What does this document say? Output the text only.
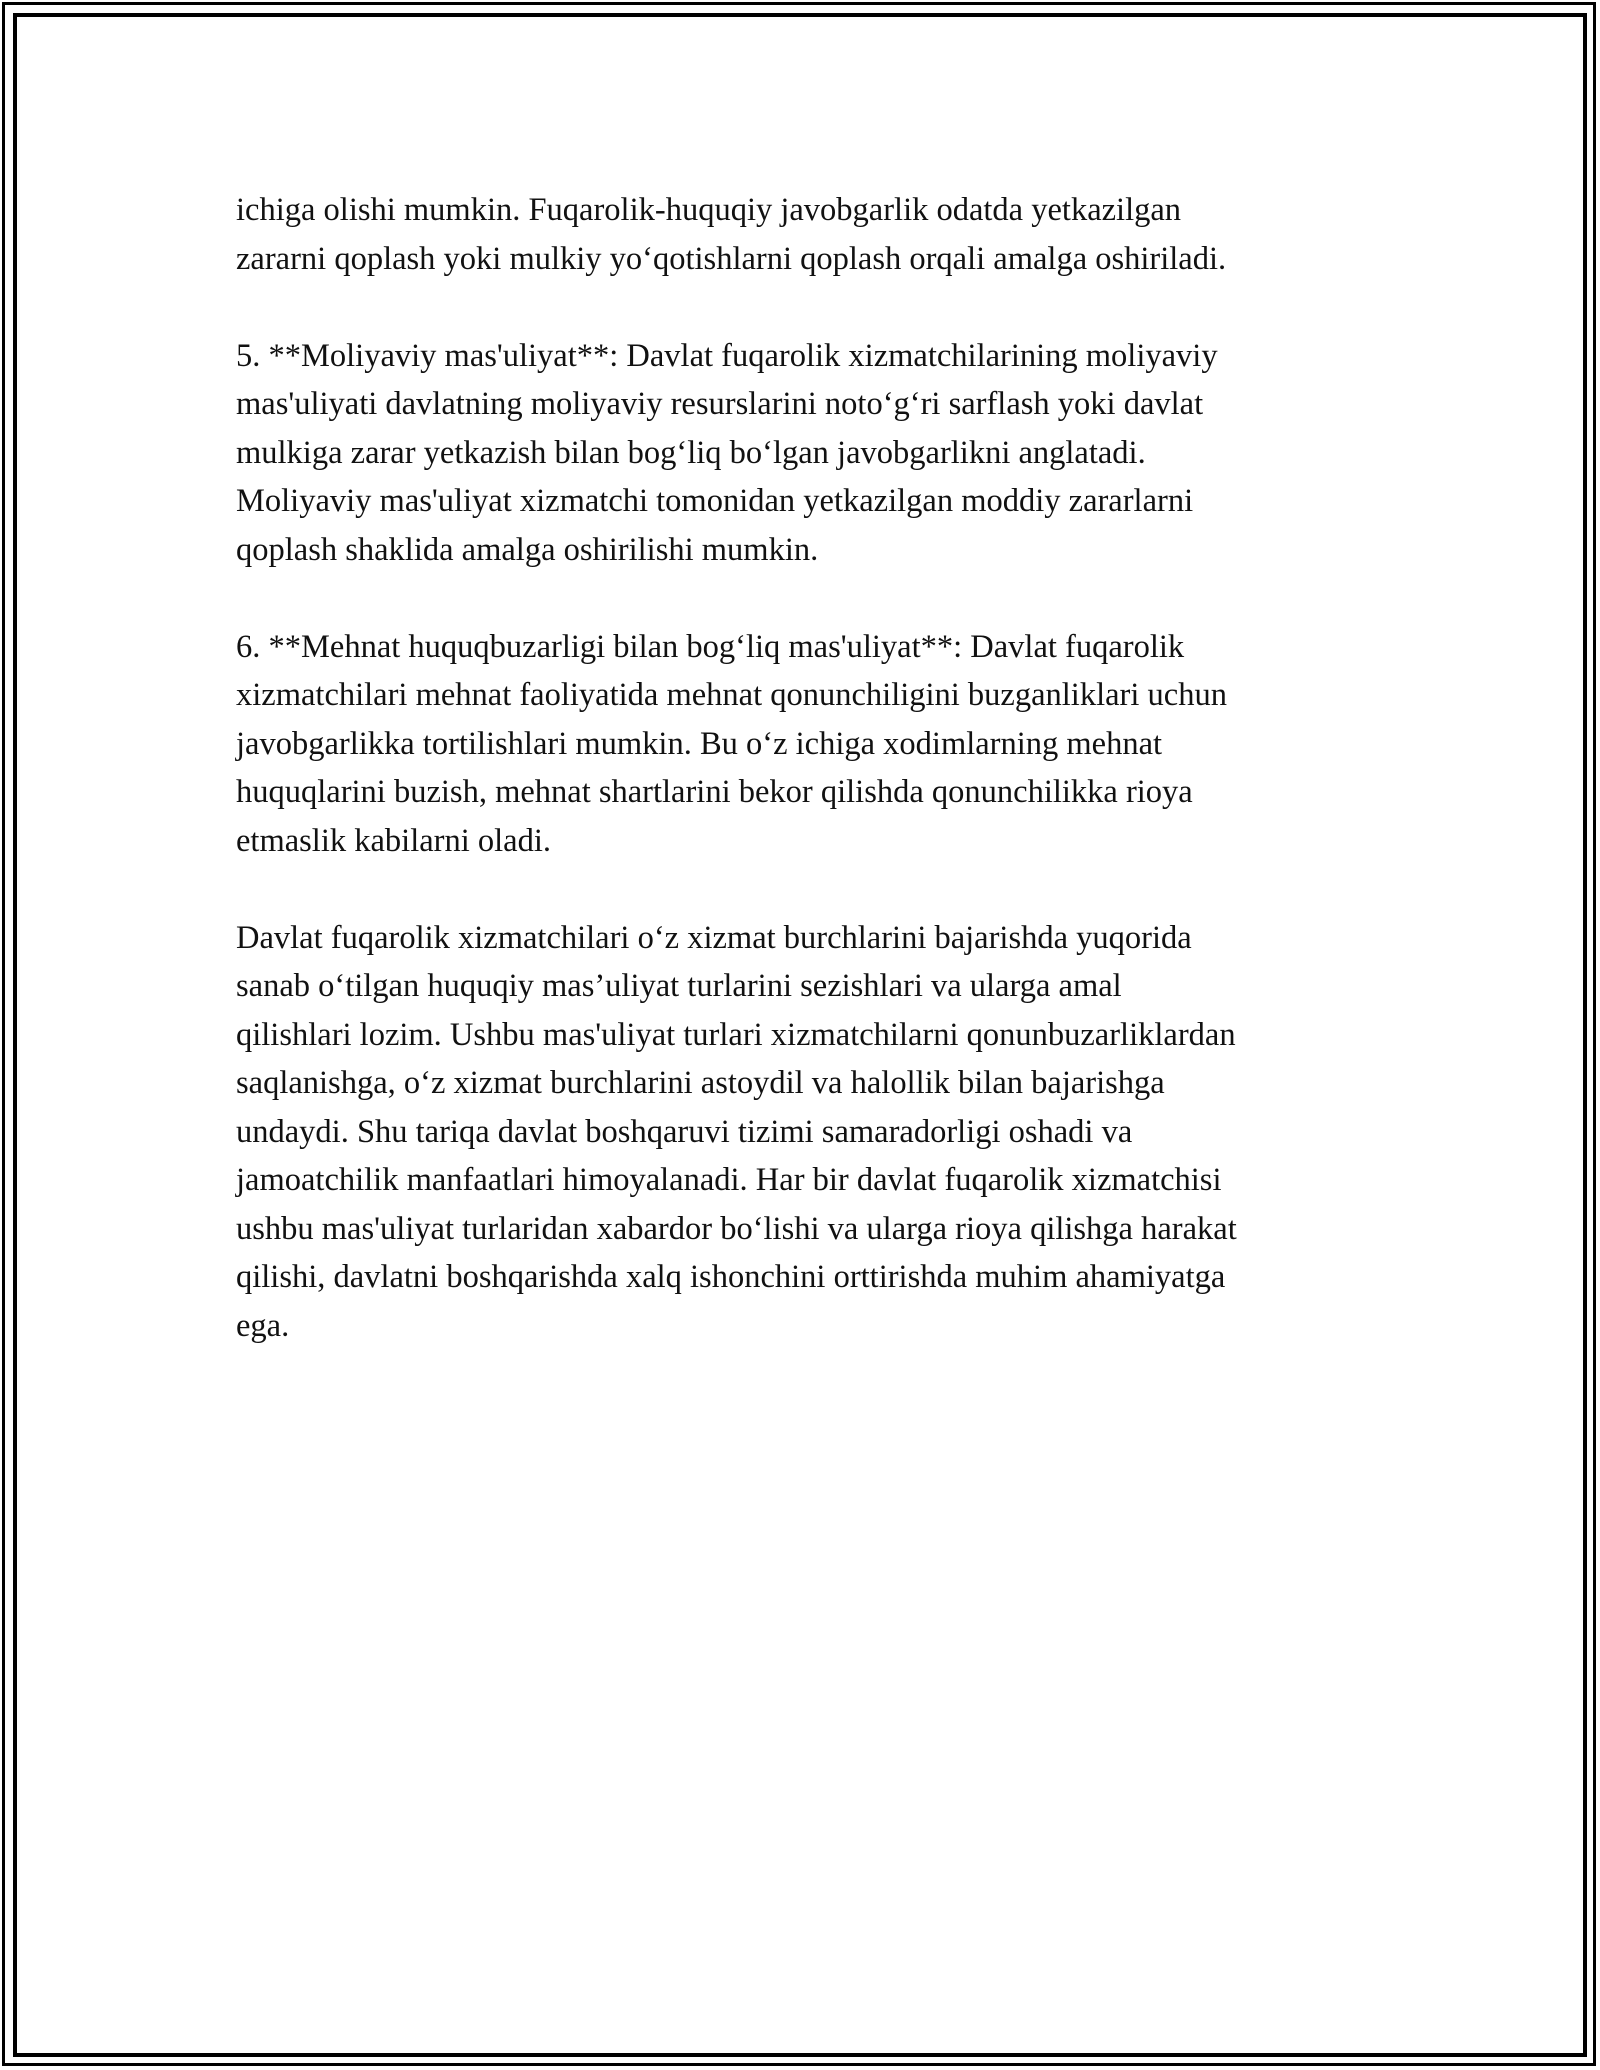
ichiga olishi mumkin. Fuqarolik-huquqiy javobgarlik odatda yetkazilgan
zararni qoplash yoki mulkiy yo‘qotishlarni qoplash orqali amalga oshiriladi.
5. **Moliyaviy mas'uliyat**: Davlat fuqarolik xizmatchilarining moliyaviy
mas'uliyati davlatning moliyaviy resurslarini noto‘g‘ri sarflash yoki davlat
mulkiga zarar yetkazish bilan bog‘liq bo‘lgan javobgarlikni anglatadi.
Moliyaviy mas'uliyat xizmatchi tomonidan yetkazilgan moddiy zararlarni
qoplash shaklida amalga oshirilishi mumkin.
6. **Mehnat huquqbuzarligi bilan bog‘liq mas'uliyat**: Davlat fuqarolik
xizmatchilari mehnat faoliyatida mehnat qonunchiligini buzganliklari uchun
javobgarlikka tortilishlari mumkin. Bu o‘z ichiga xodimlarning mehnat
huquqlarini buzish, mehnat shartlarini bekor qilishda qonunchilikka rioya
etmaslik kabilarni oladi.
Davlat fuqarolik xizmatchilari o‘z xizmat burchlarini bajarishda yuqorida
sanab o‘tilgan huquqiy mas’uliyat turlarini sezishlari va ularga amal
qilishlari lozim. Ushbu mas'uliyat turlari xizmatchilarni qonunbuzarliklardan
saqlanishga, o‘z xizmat burchlarini astoydil va halollik bilan bajarishga
undaydi. Shu tariqa davlat boshqaruvi tizimi samaradorligi oshadi va
jamoatchilik manfaatlari himoyalanadi. Har bir davlat fuqarolik xizmatchisi
ushbu mas'uliyat turlaridan xabardor bo‘lishi va ularga rioya qilishga harakat
qilishi, davlatni boshqarishda xalq ishonchini orttirishda muhim ahamiyatga
ega.
